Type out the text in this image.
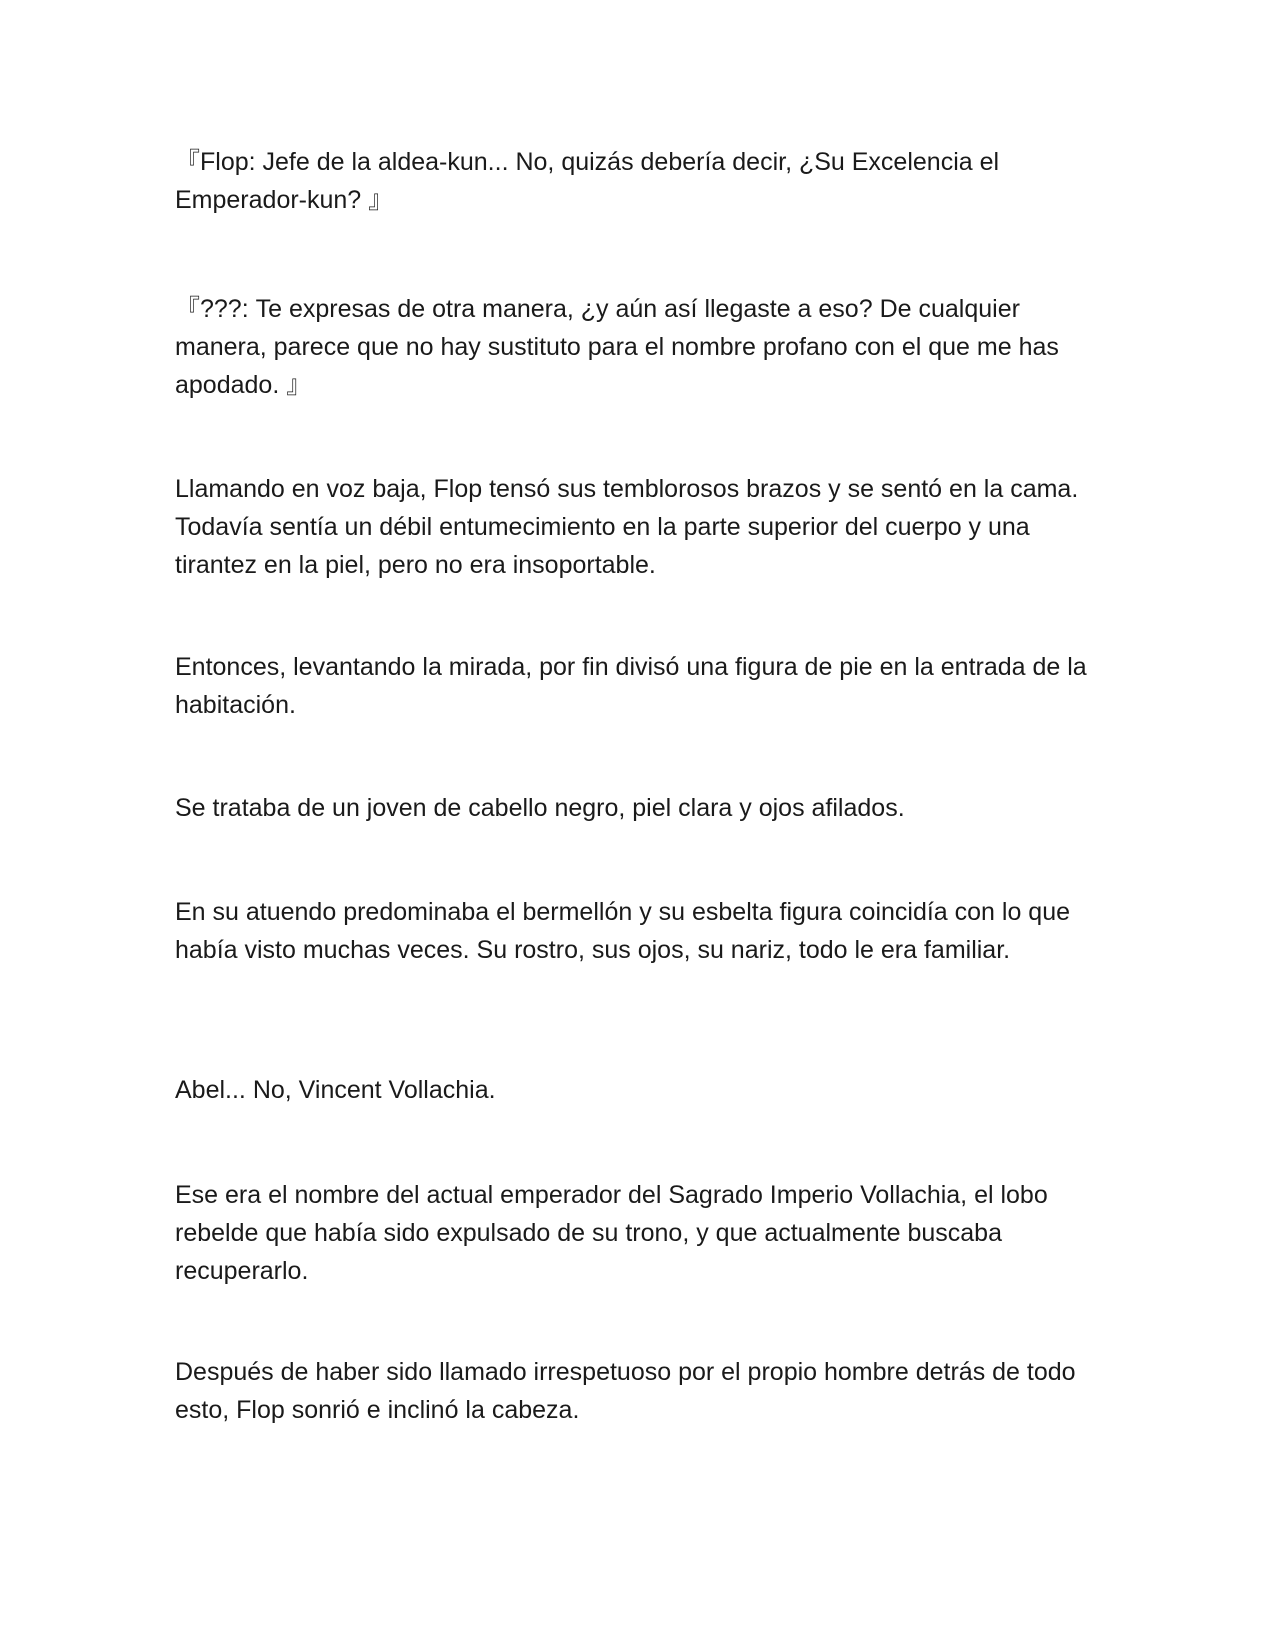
『Flop: Jefe de la aldea-kun... No, quizás debería decir, ¿Su Excelencia el Emperador-kun? 』

『???: Te expresas de otra manera, ¿y aún así llegaste a eso? De cualquier manera, parece que no hay sustituto para el nombre profano con el que me has apodado. 』

Llamando en voz baja, Flop tensó sus temblorosos brazos y se sentó en la cama. Todavía sentía un débil entumecimiento en la parte superior del cuerpo y una tirantez en la piel, pero no era insoportable.

Entonces, levantando la mirada, por fin divisó una figura de pie en la entrada de la habitación.

Se trataba de un joven de cabello negro, piel clara y ojos afilados.

En su atuendo predominaba el bermellón y su esbelta figura coincidía con lo que había visto muchas veces. Su rostro, sus ojos, su nariz, todo le era familiar.

Abel... No, Vincent Vollachia.

Ese era el nombre del actual emperador del Sagrado Imperio Vollachia, el lobo rebelde que había sido expulsado de su trono, y que actualmente buscaba recuperarlo.

Después de haber sido llamado irrespetuoso por el propio hombre detrás de todo esto, Flop sonrió e inclinó la cabeza.
